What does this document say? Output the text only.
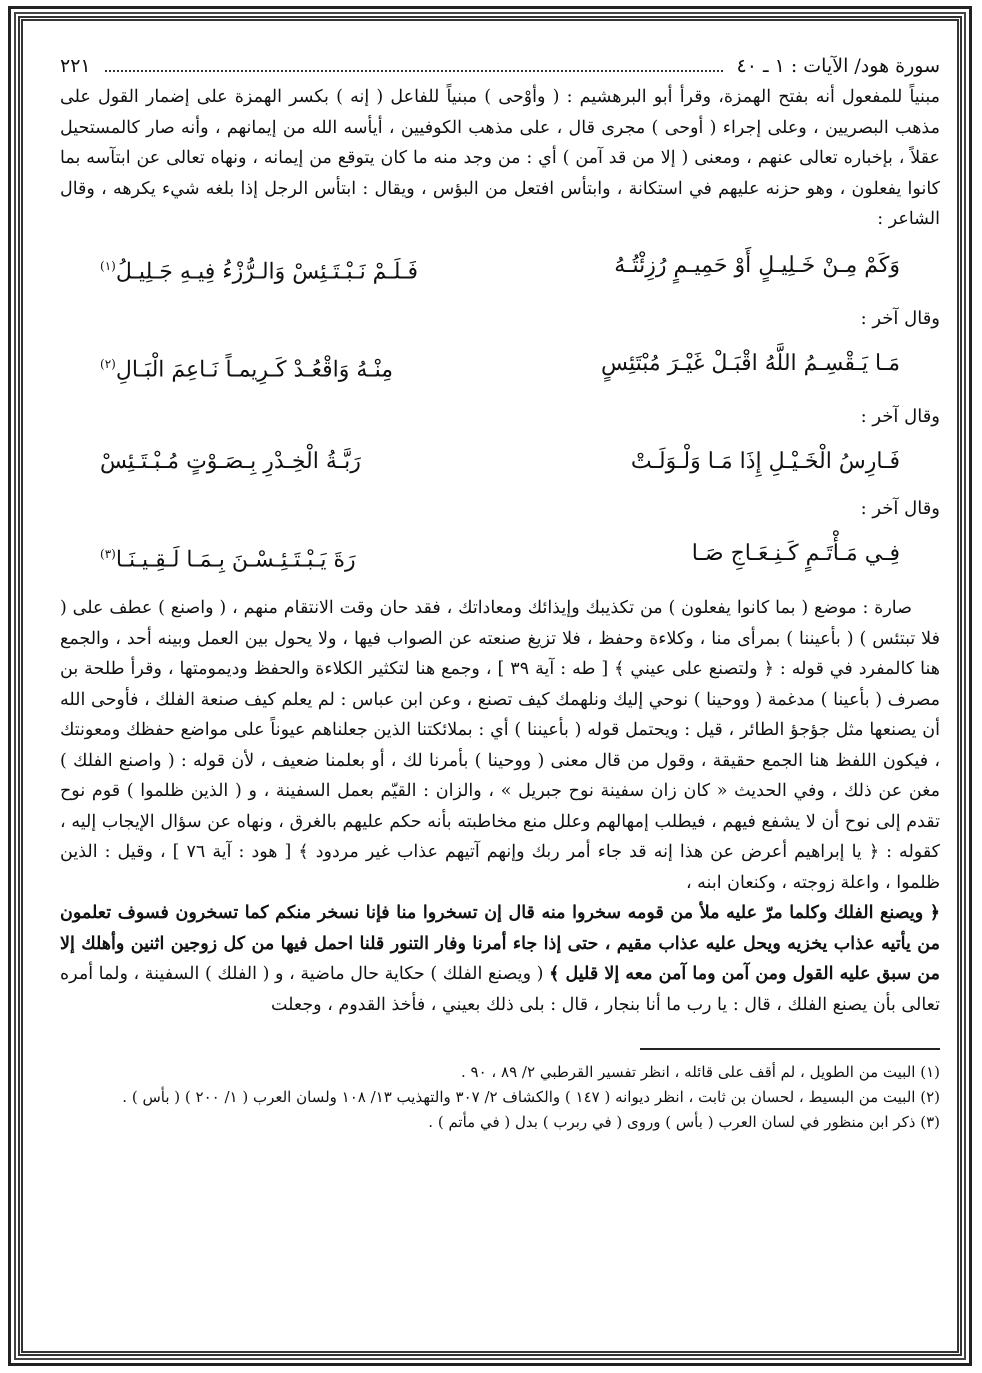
سورة هود/ الآيات : ١ ـ ٤٠
٢٢١

مبنياً للمفعول أنه بفتح الهمزة، وقرأ أبو البرهشيم : ( وأوْحى ) مبنياً للفاعل ( إنه ) بكسر الهمزة على إضمار القول على مذهب البصريين ، وعلى إجراء ( أوحى ) مجرى قال ، على مذهب الكوفيين ، أيأسه الله من إيمانهم ، وأنه صار كالمستحيل عقلاً ، بإخباره تعالى عنهم ، ومعنى ( إلا من قد آمن ) أي : من وجد منه ما كان يتوقع من إيمانه ، ونهاه تعالى عن ابتآسه بما كانوا يفعلون ، وهو حزنه عليهم في استكانة ، وابتأس افتعل من البؤس ، ويقال : ابتأس الرجل إذا بلغه شيء يكرهه ، وقال الشاعر :

وَكَمْ مِـنْ خَـلِيـلٍ أَوْ حَمِيـمٍ رُزِئْتُـهُ
فَـلَـمْ نَـبْـتَـئِسْ وَالـرُّزْءُ فِيـهِ جَـلِيـلُ$^{(١)}$
وقال آخر :
مَـا يَـقْسِـمُ اللَّهُ اقْبَـلْ غَيْـرَ مُبْتَئِسٍ
مِنْـهُ وَاقْعُـدْ كَـرِيمـاً نَـاعِمَ الْبَـالِ$^{(٢)}$
وقال آخر :
فَـارِسُ الْخَـيْـلِ إِذَا مَـا وَلْـوَلَـتْ
رَبَّـةُ الْخِـدْرِ بِـصَـوْتٍ مُـبْـتَـئِسْ
وقال آخر :
فِـي مَـأْتَـمٍ كَـنِـعَـاجِ صَـا
رَةَ يَـبْـتَـئِـسْـنَ بِـمَـا لَـقِـيـنَـا$^{(٣)}$

صارة : موضع ( بما كانوا يفعلون ) من تكذيبك وإيذائك ومعاداتك ، فقد حان وقت الانتقام منهم ، ( واصنع ) عطف على ( فلا تبتئس ) ( بأعيننا ) بمرأى منا ، وكلاءة وحفظ ، فلا تزيغ صنعته عن الصواب فيها ، ولا يحول بين العمل وبينه أحد ، والجمع هنا كالمفرد في قوله : ﴿ ولتصنع على عيني ﴾ [ طه : آية ٣٩ ] ، وجمع هنا لتكثير الكلاءة والحفظ وديمومتها ، وقرأ طلحة بن مصرف ( بأعينا ) مدغمة ( ووحينا ) نوحي إليك ونلهمك كيف تصنع ، وعن ابن عباس : لم يعلم كيف صنعة الفلك ، فأوحى الله أن يصنعها مثل جؤجؤ الطائر ، قيل : ويحتمل قوله ( بأعيننا ) أي : بملائكتنا الذين جعلناهم عيوناً على مواضع حفظك ومعونتك ، فيكون اللفظ هنا الجمع حقيقة ، وقول من قال معنى ( ووحينا ) بأمرنا لك ، أو بعلمنا ضعيف ، لأن قوله : ( واصنع الفلك ) مغن عن ذلك ، وفي الحديث « كان زان سفينة نوح جبريل » ، والزان : القيّم بعمل السفينة ، و ( الذين ظلموا ) قوم نوح تقدم إلى نوح أن لا يشفع فيهم ، فيطلب إمهالهم وعلل منع مخاطبته بأنه حكم عليهم بالغرق ، ونهاه عن سؤال الإيجاب إليه ، كقوله : ﴿ يا إبراهيم أعرض عن هذا إنه قد جاء أمر ربك وإنهم آتيهم عذاب غير مردود ﴾ [ هود : آية ٧٦ ] ، وقيل : الذين ظلموا ، واعلة زوجته ، وكنعان ابنه ،

﴿ ويصنع الفلك وكلما مرّ عليه ملأ من قومه سخروا منه قال إن تسخروا منا فإنا نسخر منكم كما تسخرون فسوف تعلمون من يأتيه عذاب يخزيه ويحل عليه عذاب مقيم ، حتى إذا جاء أمرنا وفار التنور قلنا احمل فيها من كل زوجين اثنين وأهلك إلا من سبق عليه القول ومن آمن وما آمن معه إلا قليل ﴾ ( ويصنع الفلك ) حكاية حال ماضية ، و ( الفلك ) السفينة ، ولما أمره تعالى بأن يصنع الفلك ، قال : يا رب ما أنا بنجار ، قال : بلى ذلك بعيني ، فأخذ القدوم ، وجعلت

(١) البيت من الطويل ، لم أقف على قائله ، انظر تفسير القرطبي ٢/ ٨٩ ، ٩٠ .
(٢) البيت من البسيط ، لحسان بن ثابت ، انظر ديوانه ( ١٤٧ ) والكشاف ٢/ ٣٠٧ والتهذيب ١٣/ ١٠٨ ولسان العرب ( ١/ ٢٠٠ ) ( بأس ) .
(٣) ذكر ابن منظور في لسان العرب ( بأس ) وروى ( في ربرب ) بدل ( في مأتم ) .
